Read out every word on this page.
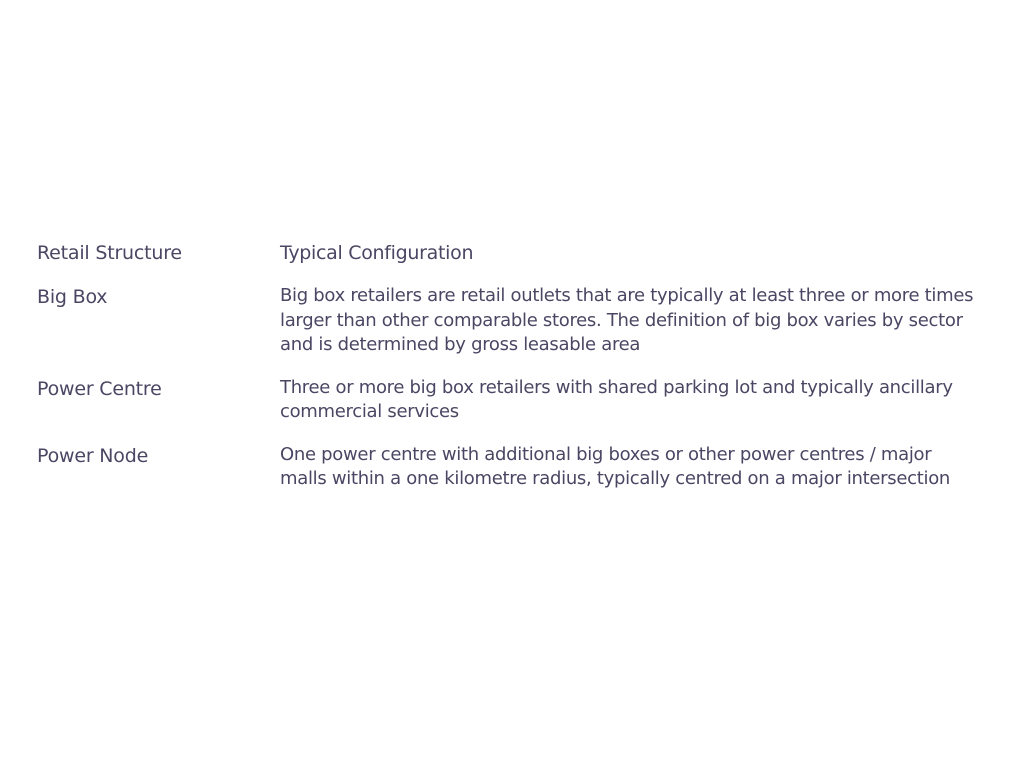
Retail Structure	Typical Configuration
Big Box	Big box retailers are retail outlets that are typically at least three or more times
larger than other comparable stores. The definition of big box varies by sector
and is determined by gross leasable area
Power Centre	Three or more big box retailers with shared parking lot and typically ancillary
commercial services
Power Node	One power centre with additional big boxes or other power centres / major
malls within a one kilometre radius, typically centred on a major intersection
